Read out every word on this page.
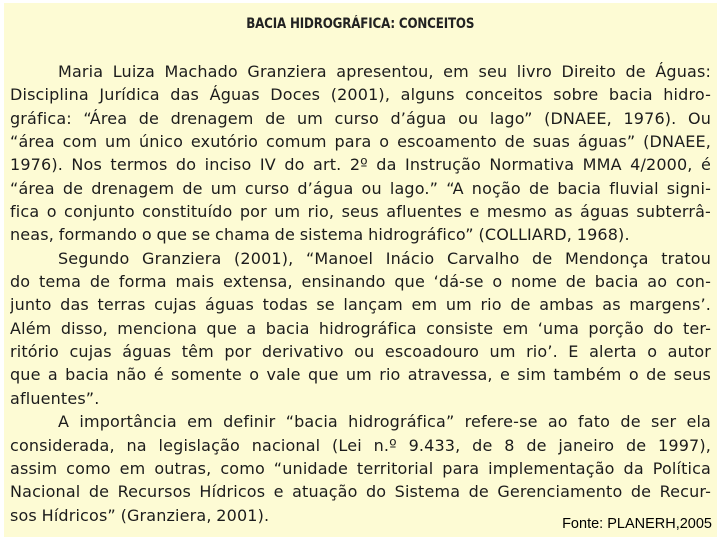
BACIA HIDROGRÁFICA: CONCEITOS
Maria Luiza Machado Granziera apresentou, em seu livro Direito de Águas:
Disciplina Jurídica das Águas Doces (2001), alguns conceitos sobre bacia hidro-
gráfica: “Área de drenagem de um curso d’água ou lago” (DNAEE, 1976). Ou
“área com um único exutório comum para o escoamento de suas águas” (DNAEE,
1976). Nos termos do inciso IV do art. 2º da Instrução Normativa MMA 4/2000, é
“área de drenagem de um curso d’água ou lago.” “A noção de bacia fluvial signi-
fica o conjunto constituído por um rio, seus afluentes e mesmo as águas subterrâ-
neas, formando o que se chama de sistema hidrográfico” (COLLIARD, 1968).
Segundo Granziera (2001), “Manoel Inácio Carvalho de Mendonça tratou
do tema de forma mais extensa, ensinando que ‘dá-se o nome de bacia ao con-
junto das terras cujas águas todas se lançam em um rio de ambas as margens’.
Além disso, menciona que a bacia hidrográfica consiste em ‘uma porção do ter-
ritório cujas águas têm por derivativo ou escoadouro um rio’. E alerta o autor
que a bacia não é somente o vale que um rio atravessa, e sim também o de seus
afluentes”.
A importância em definir “bacia hidrográfica” refere-se ao fato de ser ela
considerada, na legislação nacional (Lei n.º 9.433, de 8 de janeiro de 1997),
assim como em outras, como “unidade territorial para implementação da Política
Nacional de Recursos Hídricos e atuação do Sistema de Gerenciamento de Recur-
sos Hídricos” (Granziera, 2001).	Fonte: PLANERH,2005
